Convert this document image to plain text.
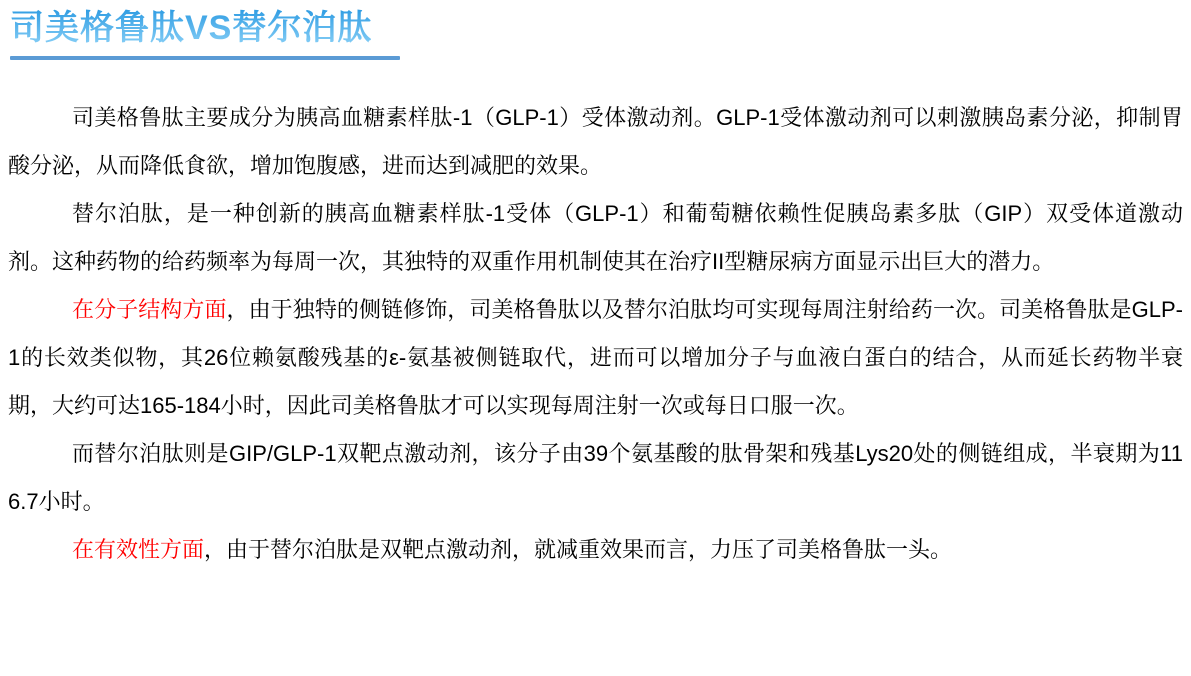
司美格鲁肽VS替尔泊肽

司美格鲁肽主要成分为胰高血糖素样肽-1（GLP-1）受体激动剂。GLP-1受体激动剂可以刺激胰岛素分泌，抑制胃酸分泌，从而降低食欲，增加饱腹感，进而达到减肥的效果。

替尔泊肽，是一种创新的胰高血糖素样肽-1受体（GLP-1）和葡萄糖依赖性促胰岛素多肽（GIP）双受体道激动剂。这种药物的给药频率为每周一次，其独特的双重作用机制使其在治疗II型糖尿病方面显示出巨大的潜力。

在分子结构方面，由于独特的侧链修饰，司美格鲁肽以及替尔泊肽均可实现每周注射给药一次。司美格鲁肽是GLP-1的长效类似物，其26位赖氨酸残基的ε-氨基被侧链取代，进而可以增加分子与血液白蛋白的结合，从而延长药物半衰期，大约可达165-184小时，因此司美格鲁肽才可以实现每周注射一次或每日口服一次。

而替尔泊肽则是GIP/GLP-1双靶点激动剂，该分子由39个氨基酸的肽骨架和残基Lys20处的侧链组成，半衰期为116.7小时。

在有效性方面，由于替尔泊肽是双靶点激动剂，就减重效果而言，力压了司美格鲁肽一头。
